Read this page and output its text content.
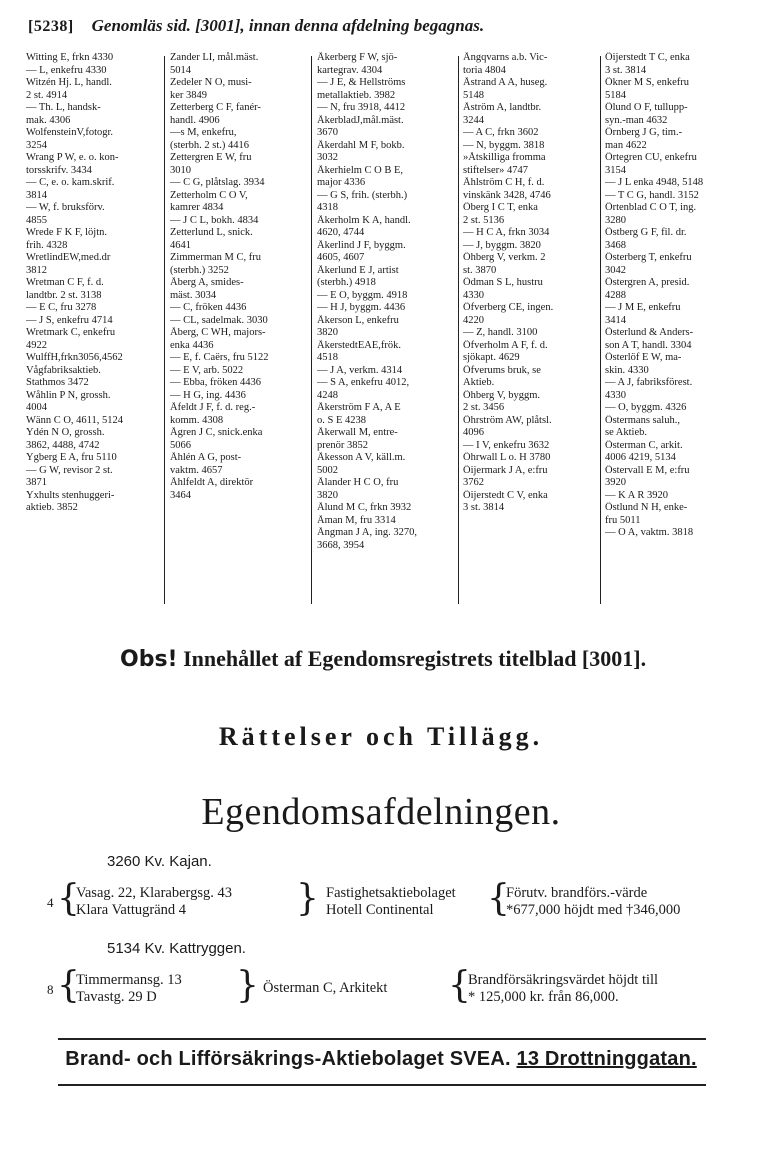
[5238] Genomläs sid. [3001], innan denna afdelning begagnas.
Witting E, frkn 4330
— L, enkefru 4330
Witzén Hj. L, handl.
2 st. 4914
— Th. L, handsk-
mak. 4306
WolfensteinV,fotogr.
3254
Wrang P W, e. o. kon-
torsskrifv. 3434
— C, e. o. kam.skrif.
3814
— W, f. bruksförv.
4855
Wrede F K F, löjtn.
frih. 4328
WretlindEW,med.dr
3812
Wretman C F, f. d.
landtbr. 2 st. 3138
— E C, fru 3278
— J S, enkefru 4714
Wretmark C, enkefru
4922
WulffH,frkn3056,4562
Vågfabriksaktieb.
Stathmos 3472
Wåhlin P N, grossh.
4004
Wänn C O, 4611, 5124
Ydén N O, grossh.
3862, 4488, 4742
Ygberg E A, fru 5110
— G W, revisor 2 st.
3871
Yxhults stenhuggeri-
aktieb. 3852
Zander LI, mål.mäst.
5014
Zedeler N O, musi-
ker 3849
Zetterberg C F, fanér-
handl. 4906
—s M, enkefru,
(sterbh. 2 st.) 4416
Zettergren E W, fru
3010
— C G, plåtslag. 3934
Zetterholm C O V,
kamrer 4834
— J C L, bokh. 4834
Zetterlund L, snick.
4641
Zimmerman M C, fru
(sterbh.) 3252
Åberg A, smides-
mäst. 3034
— C, fröken 4436
— CL, sadelmak. 3030
Åberg, C WH, majors-
enka 4436
— E, f. Caërs, fru 5122
— E V, arb. 5022
— Ebba, fröken 4436
— H G, ing. 4436
Åfeldt J F, f. d. reg.-
komm. 4308
Ågren J C, snick.enka
5066
Åhlén A G, post-
vaktm. 4657
Åhlfeldt A, direktör
3464
Åkerberg F W, sjö-
kartegrav. 4304
— J E, & Hellströms
metallaktieb. 3982
— N, fru 3918, 4412
ÅkerbladJ,mål.mäst.
3670
Åkerdahl M F, bokb.
3032
Åkerhielm C O B E,
major 4336
— G S, frih. (sterbh.)
4318
Åkerholm K A, handl.
4620, 4744
Åkerlind J F, byggm.
4605, 4607
Åkerlund E J, artist
(sterbh.) 4918
— E O, byggm. 4918
— H J, byggm. 4436
Åkerson L, enkefru
3820
ÅkerstedtEAE,frök.
4518
— J A, verkm. 4314
— S A, enkefru 4012,
4248
Åkerström F A, A E
o. S E 4238
Åkerwall M, entre-
prenör 3852
Åkesson A V, käll.m.
5002
Ålander H C O, fru
3820
Ålund M C, frkn 3932
Åman M, fru 3314
Ångman J A, ing. 3270,
3668, 3954
Ångqvarns a.b. Vic-
toria 4804
Åstrand A A, huseg.
5148
Åström A, landtbr.
3244
— A C, frkn 3602
— N, byggm. 3818
»Åtskilliga fromma
stiftelser» 4747
Åhlström C H, f. d.
vinskänk 3428, 4746
Öberg I C T, enka
2 st. 5136
— H C A, frkn 3034
— J, byggm. 3820
Öhberg V, verkm. 2
st. 3870
Ödman S L, hustru
4330
Öfverberg CE, ingen.
4220
— Z, handl. 3100
Öfverholm A F, f. d.
sjökapt. 4629
Öfverums bruk, se
Aktieb.
Öhberg V, byggm.
2 st. 3456
Öhrström AW, plåtsl.
4096
— I V, enkefru 3632
Öhrwall L o. H 3780
Öijermark J A, e:fru
3762
Öijerstedt C V, enka
3 st. 3814
Öijerstedt T C, enka
3 st. 3814
Ökner M S, enkefru
5184
Ölund O F, tullupp-
syn.-man 4632
Örnberg J G, tim.-
man 4622
Örtegren CU, enkefru
3154
— J L enka 4948, 5148
— T C G, handl. 3152
Örtenblad C O T, ing.
3280
Östberg G F, fil. dr.
3468
Österberg T, enkefru
3042
Östergren A, presid.
4288
— J M E, enkefru
3414
Österlund & Anders-
son A T, handl. 3304
Österlöf E W, ma-
skin. 4330
— A J, fabriksförest.
4330
— O, byggm. 4326
Östermans saluh.,
se Aktieb.
Österman C, arkit.
4006 4219, 5134
Östervall E M, e:fru
3920
— K A R 3920
Östlund N H, enke-
fru 5011
— O A, vaktm. 3818
Obs! Innehållet af Egendomsregistrets titelblad [3001].
Rättelser och Tillägg.
Egendomsafdelningen.
3260 Kv. Kajan.
4 {
Vasag. 22, Klarabergsg. 43
Klara Vattugränd 4	} Fastighetsaktiebolaget
Hotell Continental	{
Förutv. brandförs.-värde
*677,000 höjdt med †346,000
5134 Kv. Kattryggen.
8 {
Timmermansg. 13
Tavastg. 29 D	} Österman C, Arkitekt {
Brandförsäkringsvärdet höjdt till
* 125,000 kr. från 86,000.
Brand- och Lifförsäkrings-Aktiebolaget SVEA. 13 Drottninggatan.
